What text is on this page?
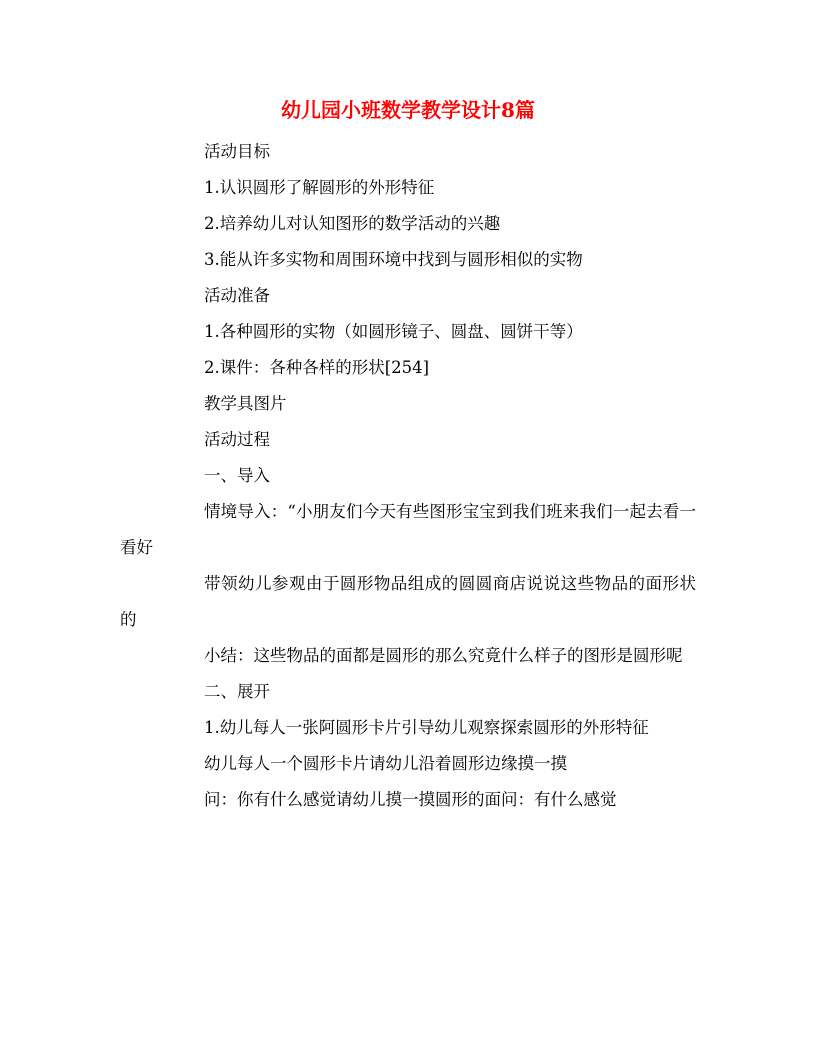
幼儿园小班数学教学设计8篇

活动目标

1.认识圆形了解圆形的外形特征

2.培养幼儿对认知图形的数学活动的兴趣

3.能从许多实物和周围环境中找到与圆形相似的实物

活动准备

1.各种圆形的实物（如圆形镜子、圆盘、圆饼干等）

2.课件：各种各样的形状[254]

教学具图片

活动过程

一、导入

情境导入：“小朋友们今天有些图形宝宝到我们班来我们一起去看一看好

带领幼儿参观由于圆形物品组成的圆圆商店说说这些物品的面形状的

小结：这些物品的面都是圆形的那么究竟什么样子的图形是圆形呢

二、展开

1.幼儿每人一张阿圆形卡片引导幼儿观察探索圆形的外形特征

幼儿每人一个圆形卡片请幼儿沿着圆形边缘摸一摸

问：你有什么感觉请幼儿摸一摸圆形的面问：有什么感觉
